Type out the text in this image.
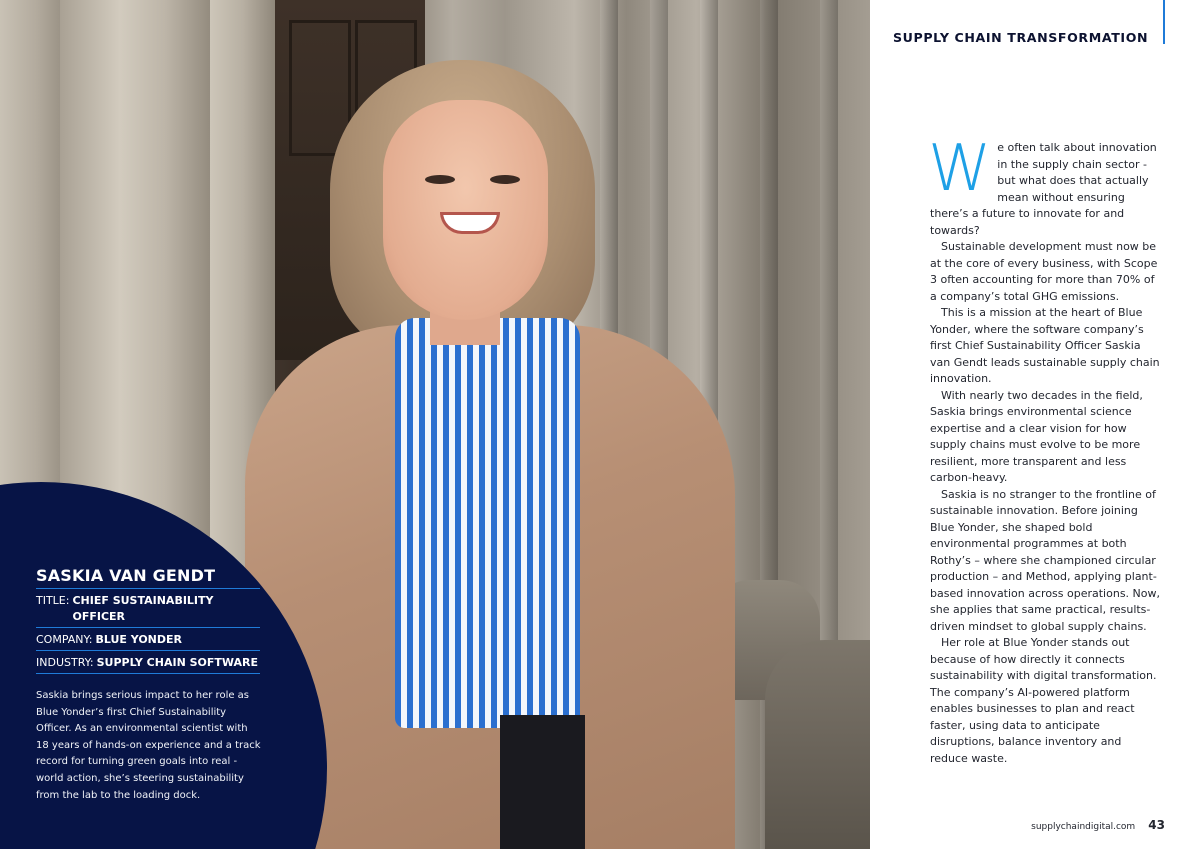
SASKIA VAN GENDT
TITLE: CHIEF SUSTAINABILITY OFFICER
COMPANY: BLUE YONDER
INDUSTRY: SUPPLY CHAIN SOFTWARE
Saskia brings serious impact to her role as Blue Yonder’s first Chief Sustainability Officer. As an environmental scientist with 18 years of hands-on experience and a track record for turning green goals into real -world action, she’s steering sustainability from the lab to the loading dock.
SUPPLY CHAIN TRANSFORMATION

We often talk about innovation in the supply chain sector - but what does that actually mean without ensuring there’s a future to innovate for and towards?

Sustainable development must now be at the core of every business, with Scope 3 often accounting for more than 70% of a company’s total GHG emissions.

This is a mission at the heart of Blue Yonder, where the software company’s first Chief Sustainability Officer Saskia van Gendt leads sustainable supply chain innovation.

With nearly two decades in the field, Saskia brings environmental science expertise and a clear vision for how supply chains must evolve to be more resilient, more transparent and less carbon-heavy.

Saskia is no stranger to the frontline of sustainable innovation. Before joining Blue Yonder, she shaped bold environmental programmes at both Rothy’s – where she championed circular production – and Method, applying plant-based innovation across operations. Now, she applies that same practical, results-driven mindset to global supply chains.

Her role at Blue Yonder stands out because of how directly it connects sustainability with digital transformation. The company’s AI-powered platform enables businesses to plan and react faster, using data to anticipate disruptions, balance inventory and reduce waste.

supplychaindigital.com 43
